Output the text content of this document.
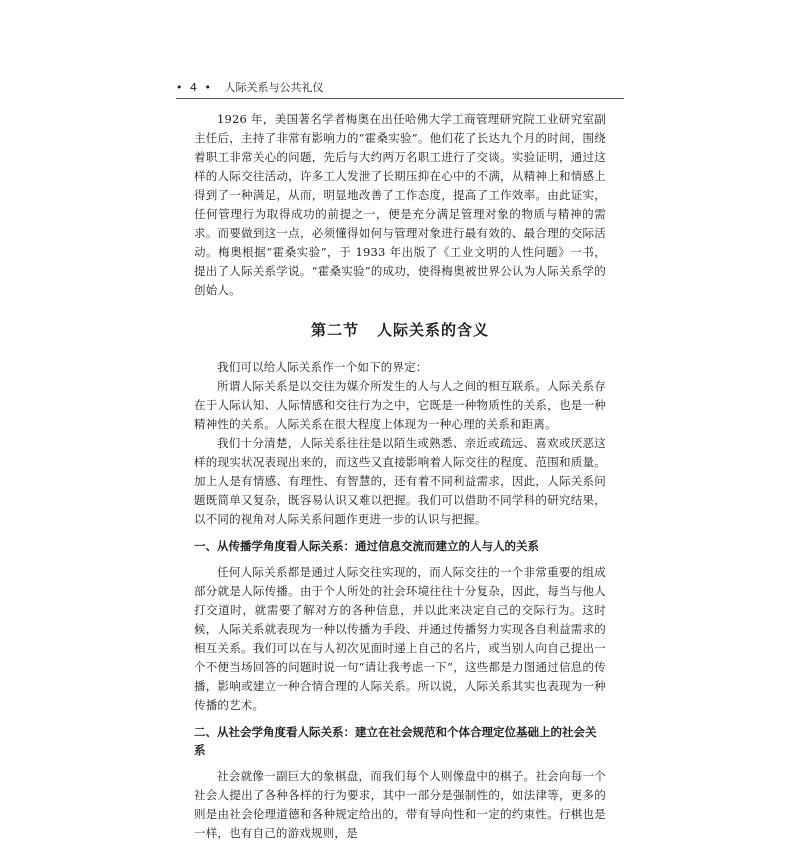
• 4 • 人际关系与公共礼仪

1926 年，美国著名学者梅奥在出任哈佛大学工商管理研究院工业研究室副主任后，主持了非常有影响力的“霍桑实验”。他们花了长达九个月的时间，围绕着职工非常关心的问题，先后与大约两万名职工进行了交谈。实验证明，通过这样的人际交往活动，许多工人发泄了长期压抑在心中的不满，从精神上和情感上得到了一种满足，从而，明显地改善了工作态度，提高了工作效率。由此证实，任何管理行为取得成功的前提之一，便是充分满足管理对象的物质与精神的需求。而要做到这一点，必须懂得如何与管理对象进行最有效的、最合理的交际活动。梅奥根据“霍桑实验”，于 1933 年出版了《工业文明的人性问题》一书，提出了人际关系学说。“霍桑实验”的成功，使得梅奥被世界公认为人际关系学的创始人。

第二节 人际关系的含义

我们可以给人际关系作一个如下的界定：

所谓人际关系是以交往为媒介所发生的人与人之间的相互联系。人际关系存在于人际认知、人际情感和交往行为之中，它既是一种物质性的关系，也是一种精神性的关系。人际关系在很大程度上体现为一种心理的关系和距离。

我们十分清楚，人际关系往往是以陌生或熟悉、亲近或疏远、喜欢或厌恶这样的现实状况表现出来的，而这些又直接影响着人际交往的程度、范围和质量。加上人是有情感、有理性、有智慧的，还有着不同利益需求，因此，人际关系问题既简单又复杂，既容易认识又难以把握。我们可以借助不同学科的研究结果，以不同的视角对人际关系问题作更进一步的认识与把握。

一、从传播学角度看人际关系：通过信息交流而建立的人与人的关系

任何人际关系都是通过人际交往实现的，而人际交往的一个非常重要的组成部分就是人际传播。由于个人所处的社会环境往往十分复杂，因此，每当与他人打交道时，就需要了解对方的各种信息，并以此来决定自己的交际行为。这时候，人际关系就表现为一种以传播为手段、并通过传播努力实现各自利益需求的相互关系。我们可以在与人初次见面时递上自己的名片，或当别人向自己提出一个不便当场回答的问题时说一句“请让我考虑一下”，这些都是力图通过信息的传播，影响或建立一种合情合理的人际关系。所以说，人际关系其实也表现为一种传播的艺术。

二、从社会学角度看人际关系：建立在社会规范和个体合理定位基础上的社会关系

社会就像一副巨大的象棋盘，而我们每个人则像盘中的棋子。社会向每一个社会人提出了各种各样的行为要求，其中一部分是强制性的，如法律等，更多的则是由社会伦理道德和各种规定给出的，带有导向性和一定的约束性。行棋也是一样，也有自己的游戏规则，是
